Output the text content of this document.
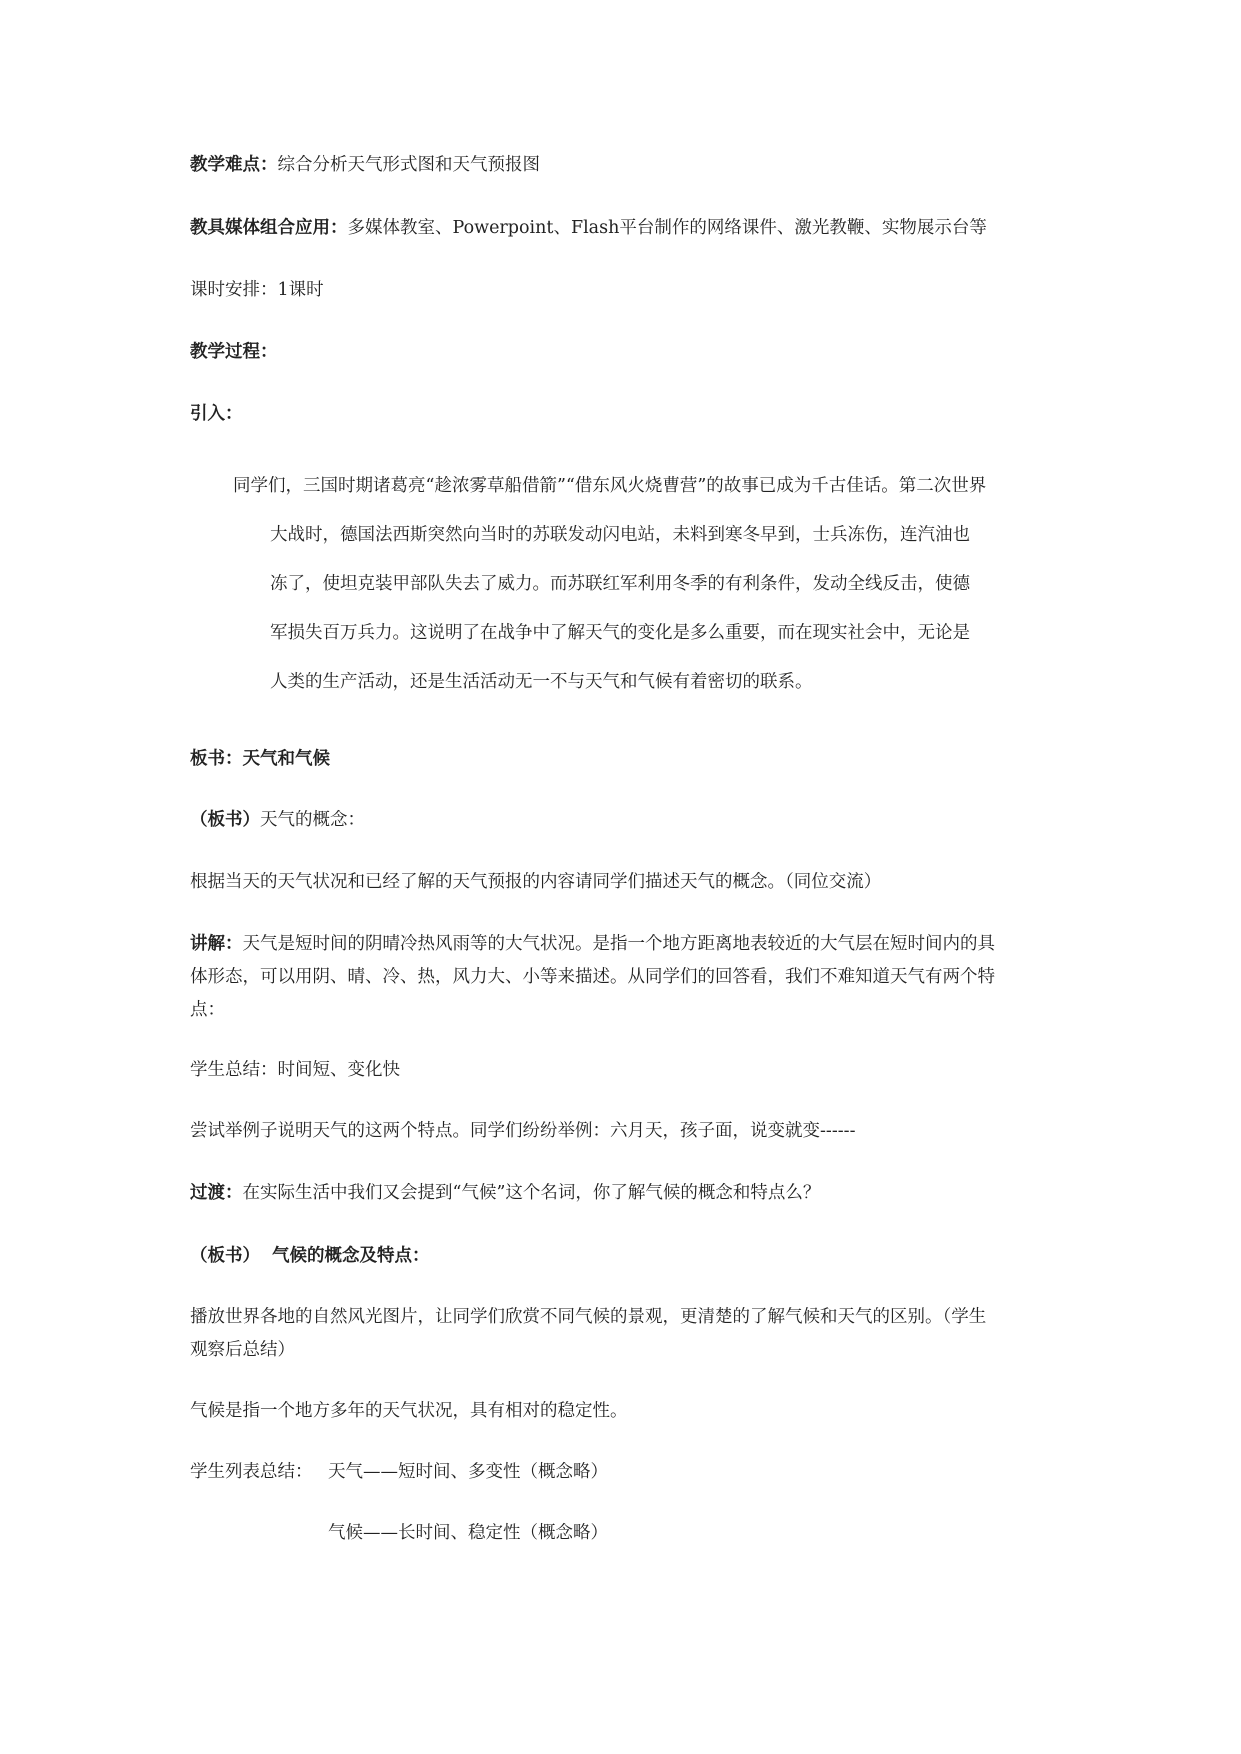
教学难点：综合分析天气形式图和天气预报图
教具媒体组合应用：多媒体教室、Powerpoint、Flash平台制作的网络课件、激光教鞭、实物展示台等
课时安排：1课时
教学过程：
引入：
同学们，三国时期诸葛亮“趁浓雾草船借箭”“借东风火烧曹营”的故事已成为千古佳话。第二次世界
大战时，德国法西斯突然向当时的苏联发动闪电站，未料到寒冬早到，士兵冻伤，连汽油也
冻了，使坦克装甲部队失去了威力。而苏联红军利用冬季的有利条件，发动全线反击，使德
军损失百万兵力。这说明了在战争中了解天气的变化是多么重要，而在现实社会中，无论是
人类的生产活动，还是生活活动无一不与天气和气候有着密切的联系。
板书：天气和气候
（板书）天气的概念：
根据当天的天气状况和已经了解的天气预报的内容请同学们描述天气的概念。（同位交流）
讲解：天气是短时间的阴晴冷热风雨等的大气状况。是指一个地方距离地表较近的大气层在短时间内的具
体形态，可以用阴、晴、冷、热，风力大、小等来描述。从同学们的回答看，我们不难知道天气有两个特
点：
学生总结：时间短、变化快
尝试举例子说明天气的这两个特点。同学们纷纷举例：六月天，孩子面，说变就变------
过渡：在实际生活中我们又会提到“气候”这个名词，你了解气候的概念和特点么？
（板书） 气候的概念及特点：
播放世界各地的自然风光图片，让同学们欣赏不同气候的景观，更清楚的了解气候和天气的区别。（学生
观察后总结）
气候是指一个地方多年的天气状况，具有相对的稳定性。
学生列表总结： 天气——短时间、多变性（概念略）
气候——长时间、稳定性（概念略）
